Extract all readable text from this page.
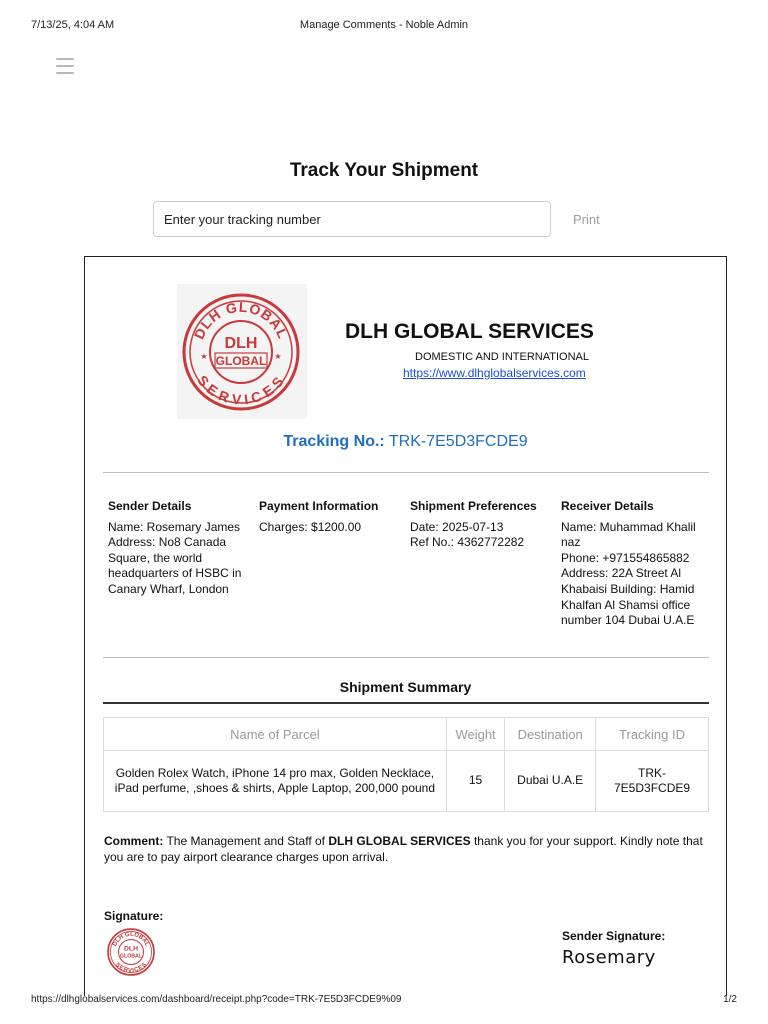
7/13/25, 4:04 AM	Manage Comments - Noble Admin
Track Your Shipment
Enter your tracking number
Print
DLH GLOBAL
SERVICES
DLH
GLOBAL
★	★
DLH GLOBAL SERVICES
DOMESTIC AND INTERNATIONAL
https://www.dlhglobalservices.com
Tracking No.: TRK-7E5D3FCDE9
Sender Details

Name: Rosemary James

Address: No8 Canada Square, the world headquarters of HSBC in Canary Wharf, London

Payment Information

Charges: $1200.00

Shipment Preferences

Date: 2025-07-13

Ref No.: 4362772282

Receiver Details

Name: Muhammad Khalil naz

Phone: +971554865882

Address: 22A Street Al Khabaisi Building: Hamid Khalfan Al Shamsi office number 104 Dubai U.A.E

Shipment Summary
Name of Parcel	Weight	Destination	Tracking ID
Golden Rolex Watch, iPhone 14 pro max, Golden Necklace, iPad perfume, ,shoes & shirts, Apple Laptop, 200,000 pound	15	Dubai U.A.E	TRK-7E5D3FCDE9
Comment: The Management and Staff of DLH GLOBAL SERVICES thank you for your support. Kindly note that you are to pay airport clearance charges upon arrival.
Signature:
DLH GLOBAL
SERVICES
DLH
GLOBAL
Sender Signature:
Rosemary
https://dlhglobalservices.com/dashboard/receipt.php?code=TRK-7E5D3FCDE9%09	1/2
